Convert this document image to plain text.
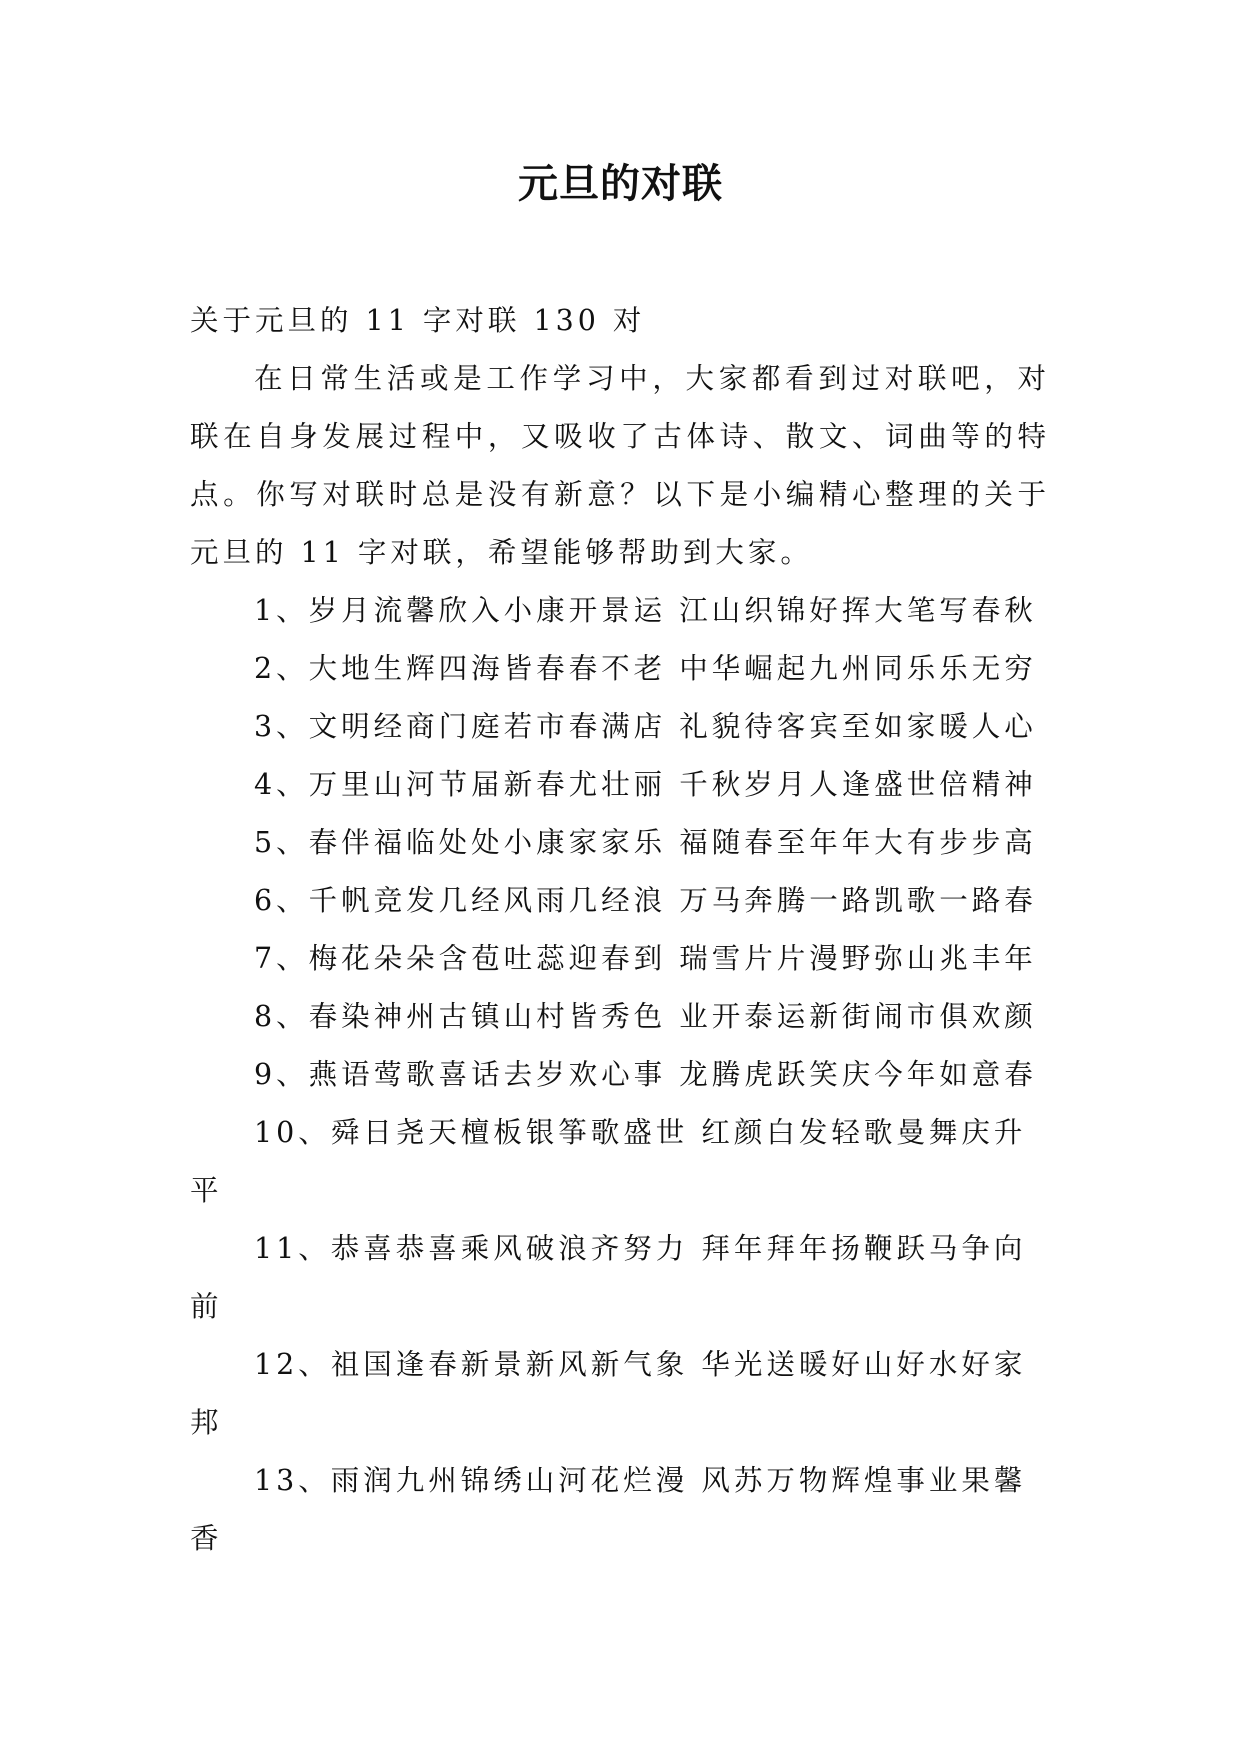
元旦的对联

关于元旦的 11 字对联 130 对

在日常生活或是工作学习中，大家都看到过对联吧，对联在自身发展过程中，又吸收了古体诗、散文、词曲等的特点。你写对联时总是没有新意？以下是小编精心整理的关于元旦的 11 字对联，希望能够帮助到大家。

1、岁月流馨欣入小康开景运 江山织锦好挥大笔写春秋

2、大地生辉四海皆春春不老 中华崛起九州同乐乐无穷

3、文明经商门庭若市春满店 礼貌待客宾至如家暖人心

4、万里山河节届新春尤壮丽 千秋岁月人逢盛世倍精神

5、春伴福临处处小康家家乐 福随春至年年大有步步高

6、千帆竞发几经风雨几经浪 万马奔腾一路凯歌一路春

7、梅花朵朵含苞吐蕊迎春到 瑞雪片片漫野弥山兆丰年

8、春染神州古镇山村皆秀色 业开泰运新街闹市俱欢颜

9、燕语莺歌喜话去岁欢心事 龙腾虎跃笑庆今年如意春

10、舜日尧天檀板银筝歌盛世 红颜白发轻歌曼舞庆升平

11、恭喜恭喜乘风破浪齐努力 拜年拜年扬鞭跃马争向前

12、祖国逢春新景新风新气象 华光送暖好山好水好家邦

13、雨润九州锦绣山河花烂漫 风苏万物辉煌事业果馨香
